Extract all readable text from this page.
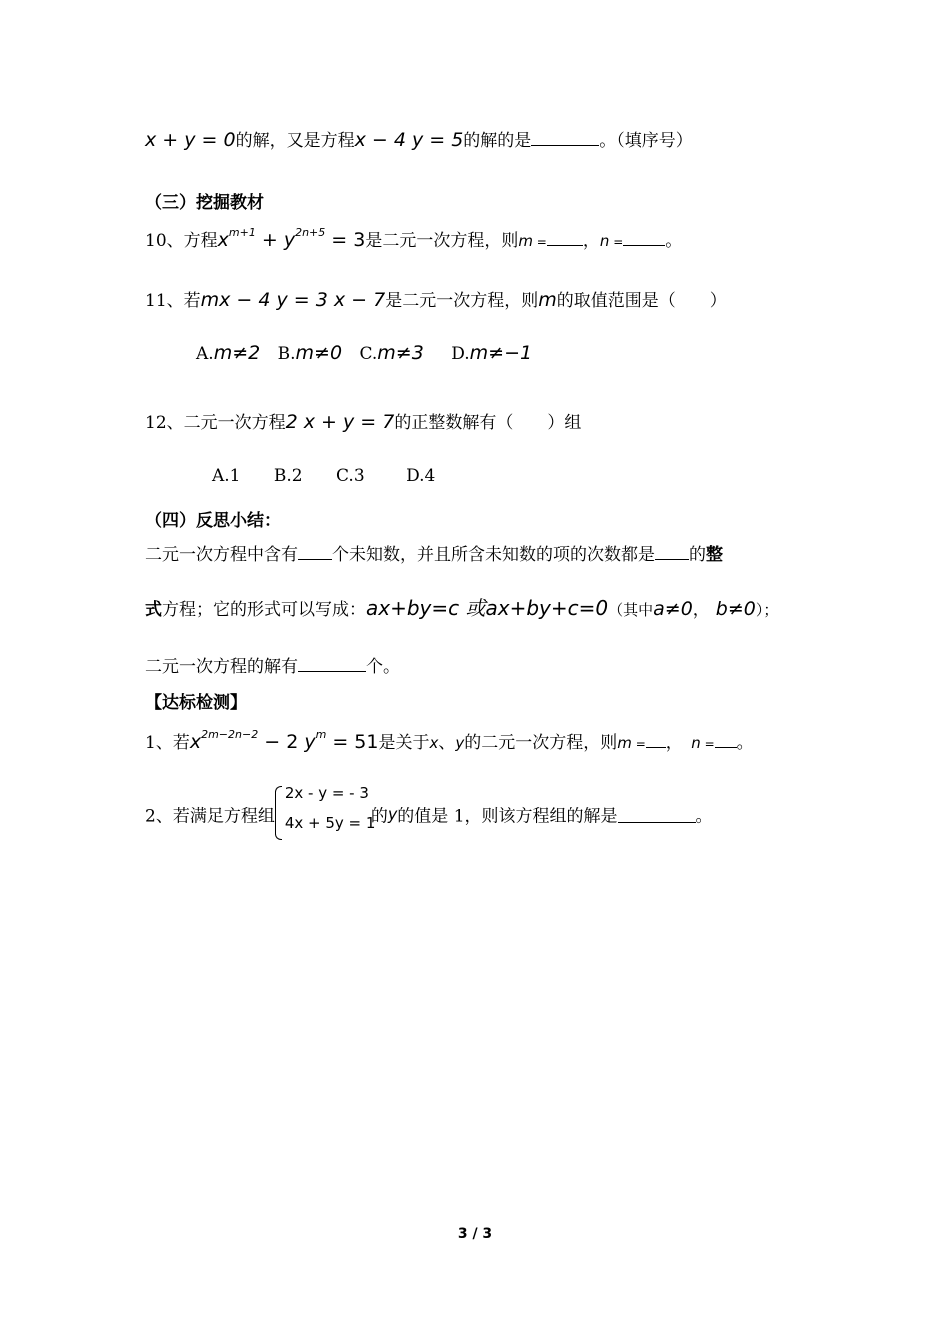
x + y = 0的解，又是方程x − 4 y = 5的解的是	。（填序号）
（三）挖掘教材
10、方程$x^{m+1} + y^{2n+5} = 3$是二元一次方程，则m = ，n = 。
11、若mx − 4 y = 3 x − 7是二元一次方程，则m的取值范围是（　　）
A.m≠2 B.m≠0 C.m≠3 D.m≠−1
12、二元一次方程2 x + y = 7的正整数解有（　　）组
A.1 B.2 C.3 D.4
（四）反思小结：
二元一次方程中含有 个未知数，并且所含未知数的项的次数都是 的整
式方程；它的形式可以写成：ax+by=c 或ax+by+c=0（其中a≠0， b≠0）；
二元一次方程的解有	个。
【达标检测】
1、若$x^{2m-2n-2} - 2$ $y^m = 51$是关于x、y的二元一次方程，则m = ，　n = 。
2、若满足方程组
2x - y = - 3
4x + 5y = 1
的y的值是 1，则该方程组的解是	。
3 / 3
